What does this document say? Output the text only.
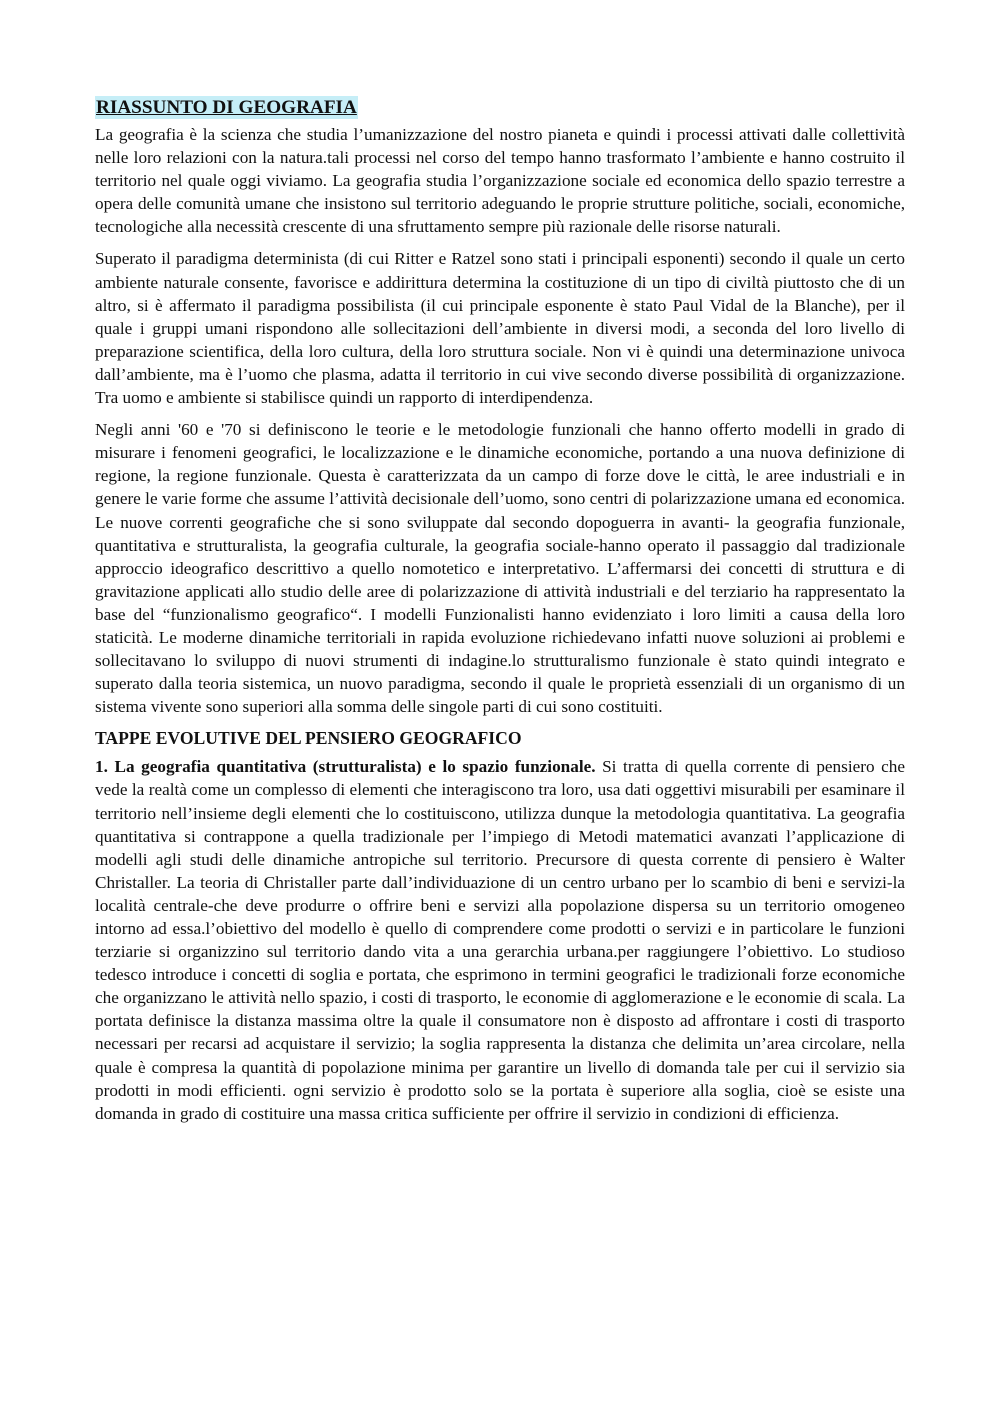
RIASSUNTO DI GEOGRAFIA

La geografia è la scienza che studia l’umanizzazione del nostro pianeta e quindi i processi attivati dalle collettività nelle loro relazioni con la natura.tali processi nel corso del tempo hanno trasformato l’ambiente e hanno costruito il territorio nel quale oggi viviamo. La geografia studia l’organizzazione sociale ed economica dello spazio terrestre a opera delle comunità umane che insistono sul territorio adeguando le proprie strutture politiche, sociali, economiche, tecnologiche alla necessità crescente di una sfruttamento sempre più razionale delle risorse naturali.

Superato il paradigma determinista (di cui Ritter e Ratzel sono stati i principali esponenti) secondo il quale un certo ambiente naturale consente, favorisce e addirittura determina la costituzione di un tipo di civiltà piuttosto che di un altro, si è affermato il paradigma possibilista (il cui principale esponente è stato Paul Vidal de la Blanche), per il quale i gruppi umani rispondono alle sollecitazioni dell’ambiente in diversi modi, a seconda del loro livello di preparazione scientifica, della loro cultura, della loro struttura sociale. Non vi è quindi una determinazione univoca dall’ambiente, ma è l’uomo che plasma, adatta il territorio in cui vive secondo diverse possibilità di organizzazione. Tra uomo e ambiente si stabilisce quindi un rapporto di interdipendenza.

Negli anni '60 e '70 si definiscono le teorie e le metodologie funzionali che hanno offerto modelli in grado di misurare i fenomeni geografici, le localizzazione e le dinamiche economiche, portando a una nuova definizione di regione, la regione funzionale. Questa è caratterizzata da un campo di forze dove le città, le aree industriali e in genere le varie forme che assume l’attività decisionale dell’uomo, sono centri di polarizzazione umana ed economica. Le nuove correnti geografiche che si sono sviluppate dal secondo dopoguerra in avanti- la geografia funzionale, quantitativa e strutturalista, la geografia culturale, la geografia sociale-hanno operato il passaggio dal tradizionale approccio ideografico descrittivo a quello nomotetico e interpretativo. L’affermarsi dei concetti di struttura e di gravitazione applicati allo studio delle aree di polarizzazione di attività industriali e del terziario ha rappresentato la base del “funzionalismo geografico“. I modelli Funzionalisti hanno evidenziato i loro limiti a causa della loro staticità. Le moderne dinamiche territoriali in rapida evoluzione richiedevano infatti nuove soluzioni ai problemi e sollecitavano lo sviluppo di nuovi strumenti di indagine.lo strutturalismo funzionale è stato quindi integrato e superato dalla teoria sistemica, un nuovo paradigma, secondo il quale le proprietà essenziali di un organismo di un sistema vivente sono superiori alla somma delle singole parti di cui sono costituiti.

TAPPE EVOLUTIVE DEL PENSIERO GEOGRAFICO

1. La geografia quantitativa (strutturalista) e lo spazio funzionale. Si tratta di quella corrente di pensiero che vede la realtà come un complesso di elementi che interagiscono tra loro, usa dati oggettivi misurabili per esaminare il territorio nell’insieme degli elementi che lo costituiscono, utilizza dunque la metodologia quantitativa. La geografia quantitativa si contrappone a quella tradizionale per l’impiego di Metodi matematici avanzati l’applicazione di modelli agli studi delle dinamiche antropiche sul territorio. Precursore di questa corrente di pensiero è Walter Christaller. La teoria di Christaller parte dall’individuazione di un centro urbano per lo scambio di beni e servizi-la località centrale-che deve produrre o offrire beni e servizi alla popolazione dispersa su un territorio omogeneo intorno ad essa.l’obiettivo del modello è quello di comprendere come prodotti o servizi e in particolare le funzioni terziarie si organizzino sul territorio dando vita a una gerarchia urbana.per raggiungere l’obiettivo. Lo studioso tedesco introduce i concetti di soglia e portata, che esprimono in termini geografici le tradizionali forze economiche che organizzano le attività nello spazio, i costi di trasporto, le economie di agglomerazione e le economie di scala. La portata definisce la distanza massima oltre la quale il consumatore non è disposto ad affrontare i costi di trasporto necessari per recarsi ad acquistare il servizio; la soglia rappresenta la distanza che delimita un’area circolare, nella quale è compresa la quantità di popolazione minima per garantire un livello di domanda tale per cui il servizio sia prodotti in modi efficienti. ogni servizio è prodotto solo se la portata è superiore alla soglia, cioè se esiste una domanda in grado di costituire una massa critica sufficiente per offrire il servizio in condizioni di efficienza.
